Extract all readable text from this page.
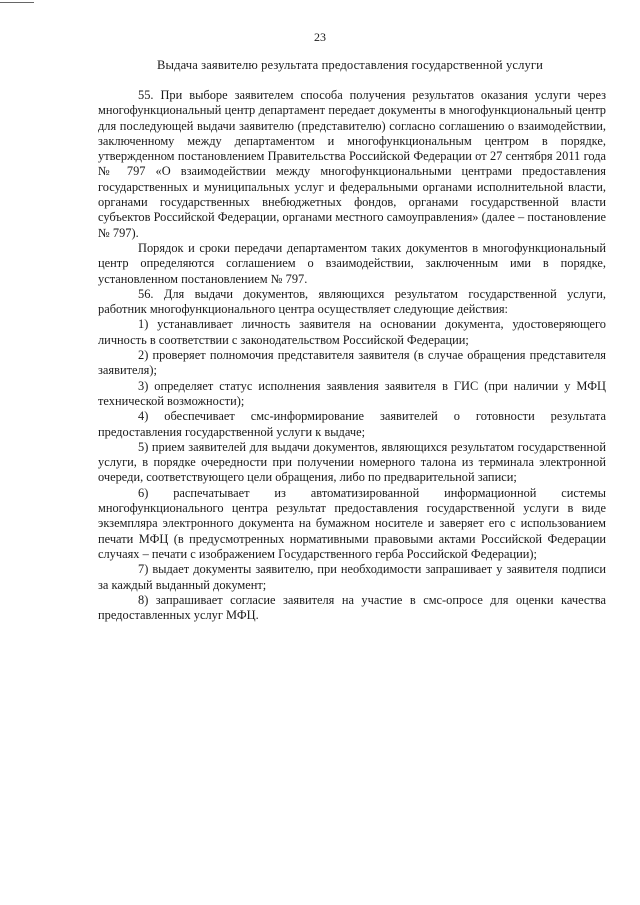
23
Выдача заявителю результата предоставления государственной услуги

55. При выборе заявителем способа получения результатов оказания услуги через многофункциональный центр департамент передает документы в многофункциональный центр для последующей выдачи заявителю (представителю) согласно соглашению о взаимодействии, заключенному между департаментом и многофункциональным центром в порядке, утвержденном постановлением Правительства Российской Федерации от 27 сентября 2011 года № 797 «О взаимодействии между многофункциональными центрами предоставления государственных и муниципальных услуг и федеральными органами исполнительной власти, органами государственных внебюджетных фондов, органами государственной власти субъектов Российской Федерации, органами местного самоуправления» (далее – постановление № 797).

Порядок и сроки передачи департаментом таких документов в многофункциональный центр определяются соглашением о взаимодействии, заключенным ими в порядке, установленном постановлением № 797.

56. Для выдачи документов, являющихся результатом государственной услуги, работник многофункционального центра осуществляет следующие действия:

1) устанавливает личность заявителя на основании документа, удостоверяющего личность в соответствии с законодательством Российской Федерации;

2) проверяет полномочия представителя заявителя (в случае обращения представителя заявителя);

3) определяет статус исполнения заявления заявителя в ГИС (при наличии у МФЦ технической возможности);

4) обеспечивает смс-информирование заявителей о готовности результата предоставления государственной услуги к выдаче;

5) прием заявителей для выдачи документов, являющихся результатом государственной услуги, в порядке очередности при получении номерного талона из терминала электронной очереди, соответствующего цели обращения, либо по предварительной записи;

6) распечатывает из автоматизированной информационной системы многофункционального центра результат предоставления государственной услуги в виде экземпляра электронного документа на бумажном носителе и заверяет его с использованием печати МФЦ (в предусмотренных нормативными правовыми актами Российской Федерации случаях – печати с изображением Государственного герба Российской Федерации);

7) выдает документы заявителю, при необходимости запрашивает у заявителя подписи за каждый выданный документ;

8) запрашивает согласие заявителя на участие в смс-опросе для оценки качества предоставленных услуг МФЦ.
